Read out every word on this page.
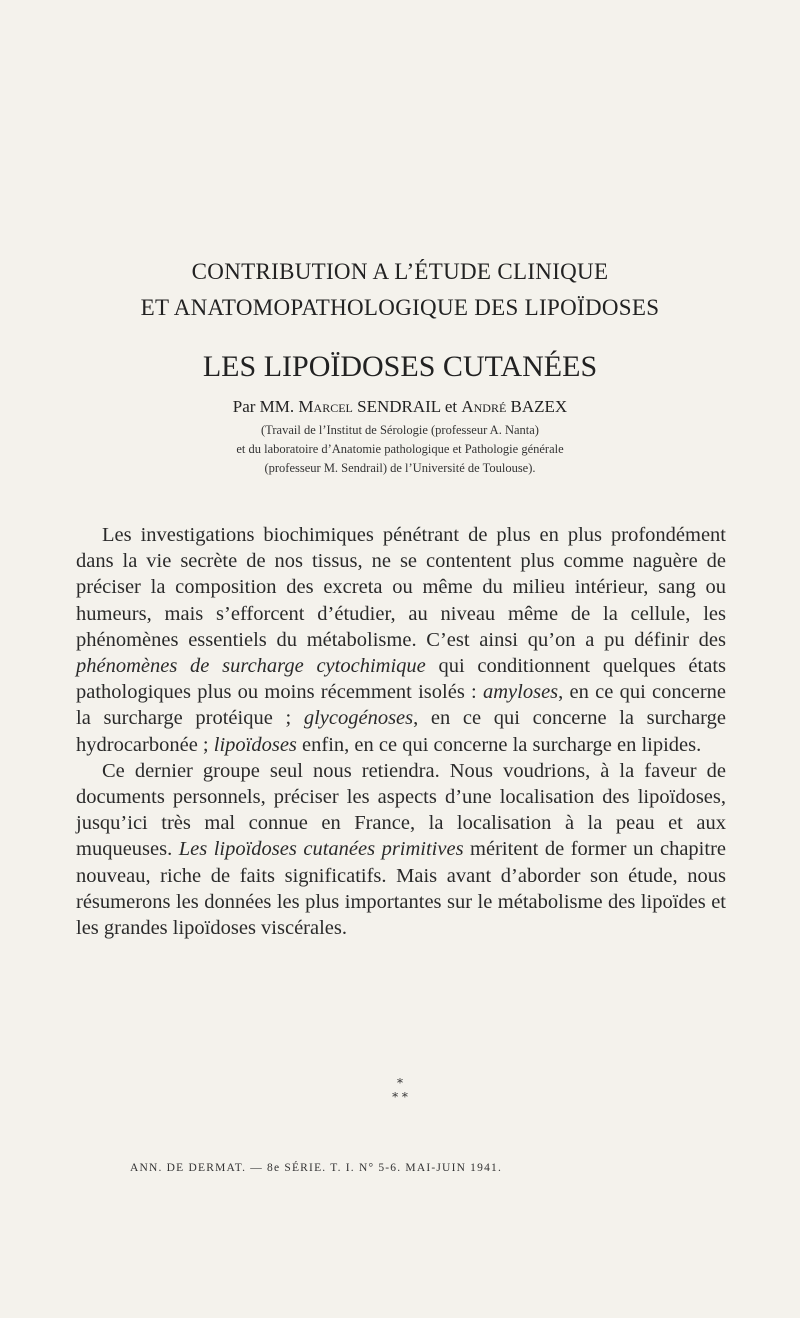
CONTRIBUTION A L’ÉTUDE CLINIQUE
ET ANATOMOPATHOLOGIQUE DES LIPOÏDOSES
LES LIPOÏDOSES CUTANÉES
Par MM. Marcel SENDRAIL et André BAZEX
(Travail de l’Institut de Sérologie (professeur A. Nanta)
et du laboratoire d’Anatomie pathologique et Pathologie générale
(professeur M. Sendrail) de l’Université de Toulouse).

Les investigations biochimiques pénétrant de plus en plus profondément dans la vie secrète de nos tissus, ne se contentent plus comme naguère de préciser la composition des excreta ou même du milieu intérieur, sang ou humeurs, mais s’efforcent d’étudier, au niveau même de la cellule, les phénomènes essentiels du métabolisme. C’est ainsi qu’on a pu définir des phénomènes de surcharge cytochimique qui conditionnent quelques états pathologiques plus ou moins récemment isolés : amyloses, en ce qui concerne la surcharge protéique ; glycogénoses, en ce qui concerne la surcharge hydrocarbonée ; lipoïdoses enfin, en ce qui concerne la surcharge en lipides.

Ce dernier groupe seul nous retiendra. Nous voudrions, à la faveur de documents personnels, préciser les aspects d’une localisation des lipoïdoses, jusqu’ici très mal connue en France, la localisation à la peau et aux muqueuses. Les lipoïdoses cutanées primitives méritent de former un chapitre nouveau, riche de faits significatifs. Mais avant d’aborder son étude, nous résumerons les données les plus importantes sur le métabolisme des lipoïdes et les grandes lipoïdoses viscérales.

*
* *
ANN. DE DERMAT. — 8e SÉRIE. T. I. N° 5-6. MAI-JUIN 1941.
